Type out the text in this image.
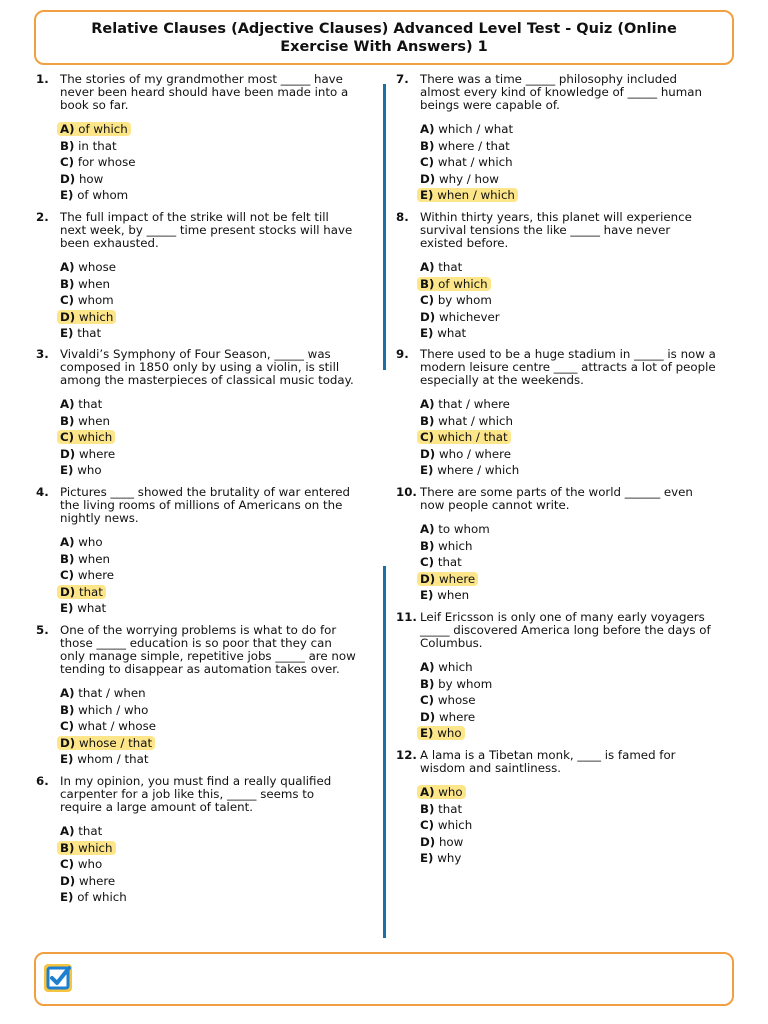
Relative Clauses (Adjective Clauses) Advanced Level Test - Quiz (Online Exercise With Answers) 1
1. The stories of my grandmother most _____ have never been heard should have been made into a book so far.
A) of which
B) in that
C) for whose
D) how
E) of whom
2. The full impact of the strike will not be felt till next week, by _____ time present stocks will have been exhausted.
A) whose
B) when
C) whom
D) which
E) that
3. Vivaldi’s Symphony of Four Season, _____ was composed in 1850 only by using a violin, is still among the masterpieces of classical music today.
A) that
B) when
C) which
D) where
E) who
4. Pictures ____ showed the brutality of war entered the living rooms of millions of Americans on the nightly news.
A) who
B) when
C) where
D) that
E) what
5. One of the worrying problems is what to do for those _____ education is so poor that they can only manage simple, repetitive jobs _____ are now tending to disappear as automation takes over.
A) that / when
B) which / who
C) what / whose
D) whose / that
E) whom / that
6. In my opinion, you must find a really qualified carpenter for a job like this, _____ seems to require a large amount of talent.
A) that
B) which
C) who
D) where
E) of which
7. There was a time _____ philosophy included almost every kind of knowledge of _____ human beings were capable of.
A) which / what
B) where / that
C) what / which
D) why / how
E) when / which
8. Within thirty years, this planet will experience survival tensions the like _____ have never existed before.
A) that
B) of which
C) by whom
D) whichever
E) what
9. There used to be a huge stadium in _____ is now a modern leisure centre ____ attracts a lot of people especially at the weekends.
A) that / where
B) what / which
C) which / that
D) who / where
E) where / which
10. There are some parts of the world ______ even now people cannot write.
A) to whom
B) which
C) that
D) where
E) when
11. Leif Ericsson is only one of many early voyagers _____ discovered America long before the days of Columbus.
A) which
B) by whom
C) whose
D) where
E) who
12. A lama is a Tibetan monk, ____ is famed for wisdom and saintliness.
A) who
B) that
C) which
D) how
E) why
